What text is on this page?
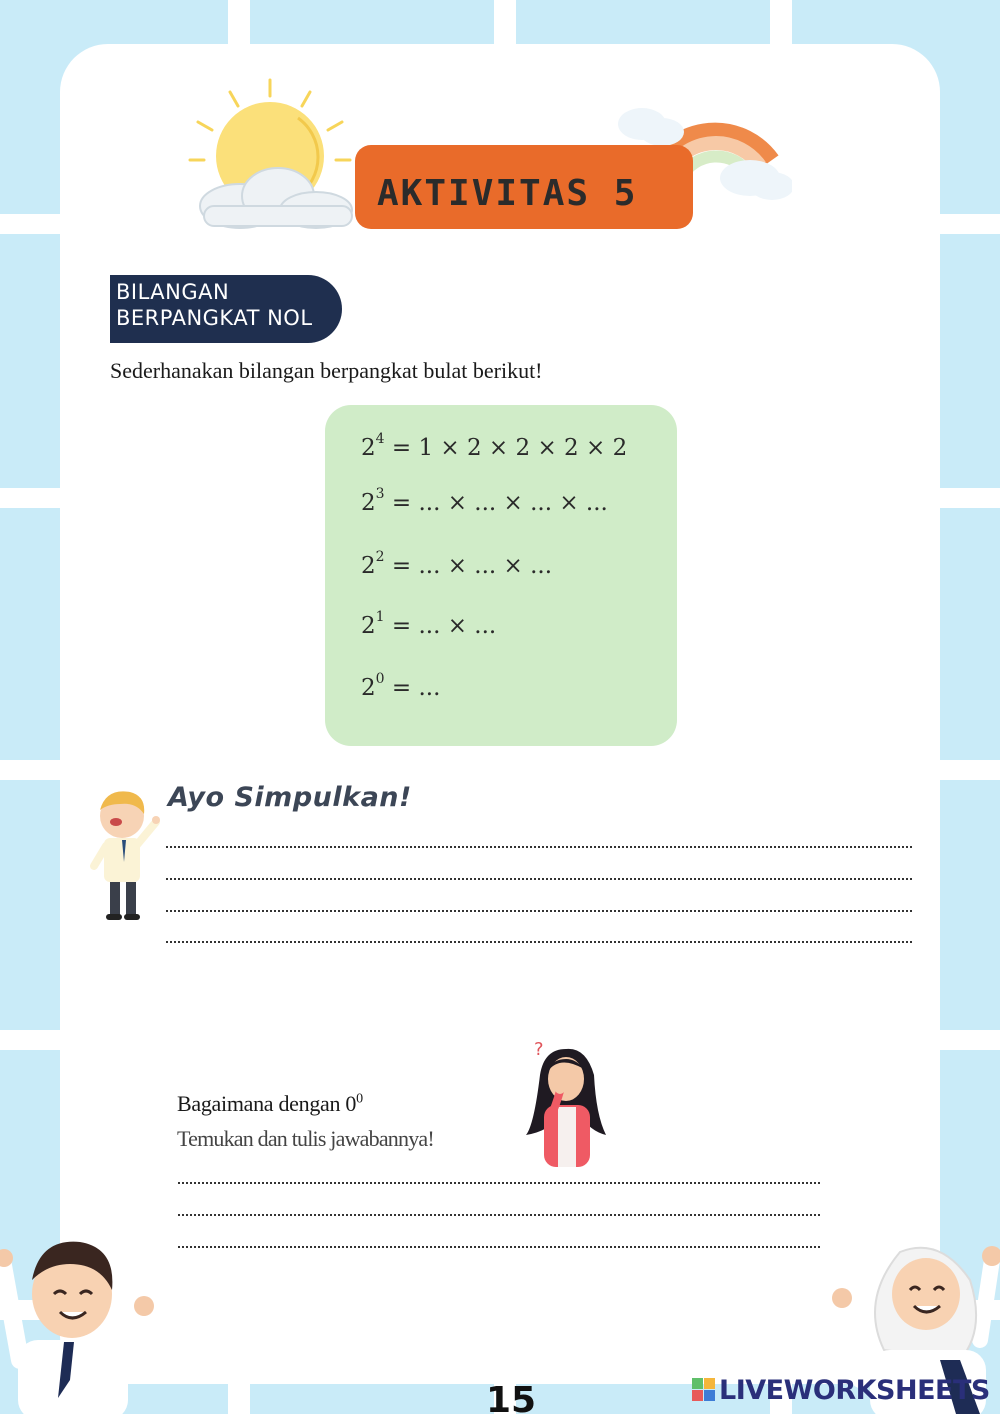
AKTIVITAS 5
BILANGAN
BERPANGKAT NOL
Sederhanakan bilangan berpangkat bulat berikut!
$2^4 = 1 \times 2 \times 2 \times 2 \times 2$
$2^3$ = ... × ... × ... × ...
$2^2$ = ... × ... × ...
$2^1$ = ... × ...
$2^0$ = ...
Ayo Simpulkan!
?
Bagaimana dengan $0^0$
Temukan dan tulis jawabannya!
15	LIVEWORKSHEETS
